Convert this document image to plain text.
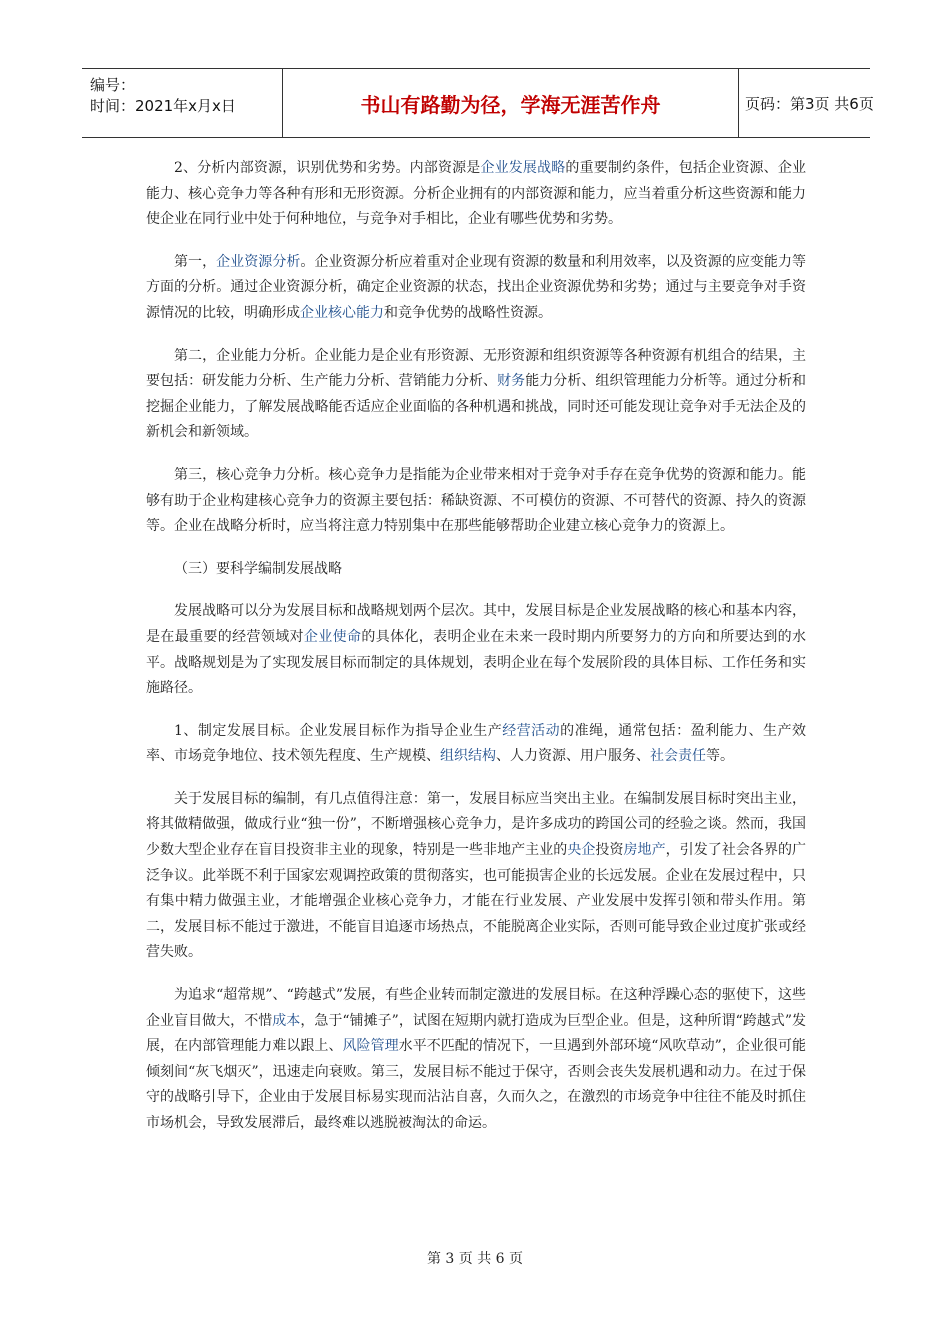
编号：
时间：2021年x月x日	书山有路勤为径，学海无涯苦作舟	页码：第3页 共6页

2、分析内部资源，识别优势和劣势。内部资源是企业发展战略的重要制约条件，包括企业资源、企业能力、核心竞争力等各种有形和无形资源。分析企业拥有的内部资源和能力，应当着重分析这些资源和能力使企业在同行业中处于何种地位，与竞争对手相比，企业有哪些优势和劣势。

第一，企业资源分析。企业资源分析应着重对企业现有资源的数量和利用效率，以及资源的应变能力等方面的分析。通过企业资源分析，确定企业资源的状态，找出企业资源优势和劣势；通过与主要竞争对手资源情况的比较，明确形成企业核心能力和竞争优势的战略性资源。

第二，企业能力分析。企业能力是企业有形资源、无形资源和组织资源等各种资源有机组合的结果，主要包括：研发能力分析、生产能力分析、营销能力分析、财务能力分析、组织管理能力分析等。通过分析和挖掘企业能力，了解发展战略能否适应企业面临的各种机遇和挑战，同时还可能发现让竞争对手无法企及的新机会和新领域。

第三，核心竞争力分析。核心竞争力是指能为企业带来相对于竞争对手存在竞争优势的资源和能力。能够有助于企业构建核心竞争力的资源主要包括：稀缺资源、不可模仿的资源、不可替代的资源、持久的资源等。企业在战略分析时，应当将注意力特别集中在那些能够帮助企业建立核心竞争力的资源上。

（三）要科学编制发展战略

发展战略可以分为发展目标和战略规划两个层次。其中，发展目标是企业发展战略的核心和基本内容，是在最重要的经营领域对企业使命的具体化，表明企业在未来一段时期内所要努力的方向和所要达到的水平。战略规划是为了实现发展目标而制定的具体规划，表明企业在每个发展阶段的具体目标、工作任务和实施路径。

1、制定发展目标。企业发展目标作为指导企业生产经营活动的准绳，通常包括：盈利能力、生产效率、市场竞争地位、技术领先程度、生产规模、组织结构、人力资源、用户服务、社会责任等。

关于发展目标的编制，有几点值得注意：第一，发展目标应当突出主业。在编制发展目标时突出主业，将其做精做强，做成行业“独一份”，不断增强核心竞争力，是许多成功的跨国公司的经验之谈。然而，我国少数大型企业存在盲目投资非主业的现象，特别是一些非地产主业的央企投资房地产，引发了社会各界的广泛争议。此举既不利于国家宏观调控政策的贯彻落实，也可能损害企业的长远发展。企业在发展过程中，只有集中精力做强主业，才能增强企业核心竞争力，才能在行业发展、产业发展中发挥引领和带头作用。第二，发展目标不能过于激进，不能盲目追逐市场热点，不能脱离企业实际，否则可能导致企业过度扩张或经营失败。

为追求“超常规”、“跨越式”发展，有些企业转而制定激进的发展目标。在这种浮躁心态的驱使下，这些企业盲目做大，不惜成本，急于“铺摊子”，试图在短期内就打造成为巨型企业。但是，这种所谓“跨越式”发展，在内部管理能力难以跟上、风险管理水平不匹配的情况下，一旦遇到外部环境“风吹草动”，企业很可能倾刻间“灰飞烟灭”，迅速走向衰败。第三，发展目标不能过于保守，否则会丧失发展机遇和动力。在过于保守的战略引导下，企业由于发展目标易实现而沾沾自喜，久而久之，在激烈的市场竞争中往往不能及时抓住市场机会，导致发展滞后，最终难以逃脱被淘汰的命运。

第 3 页 共 6 页
